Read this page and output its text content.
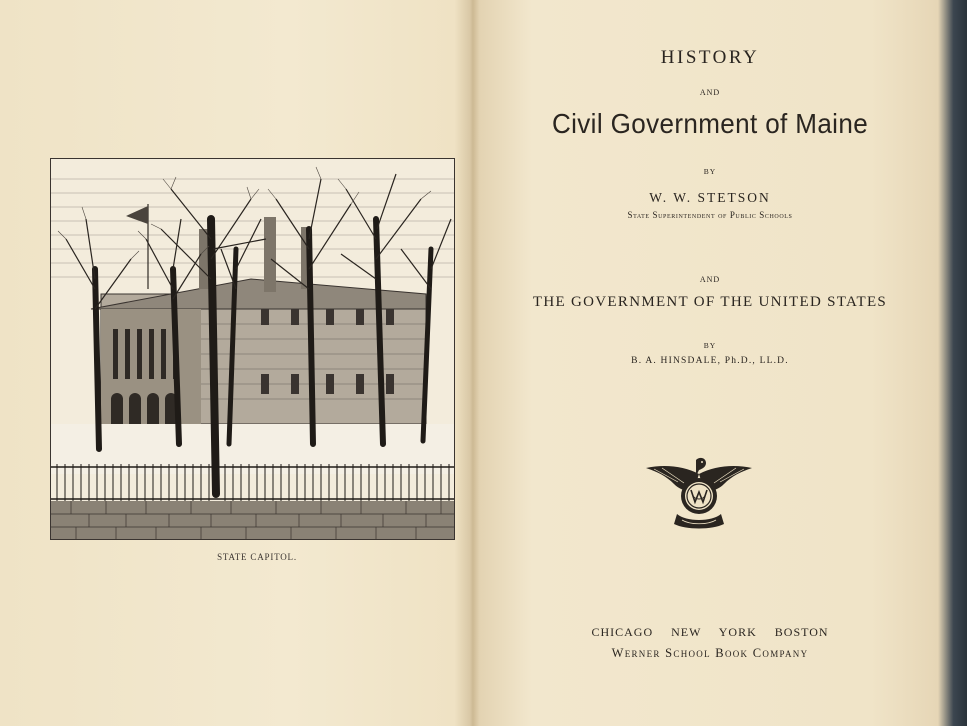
STATE CAPITOL.
HISTORY
AND
Civil Government of Maine
BY
W. W. STETSON
State Superintendent of Public Schools
AND
THE GOVERNMENT OF THE UNITED STATES
BY
B. A. HINSDALE, Ph.D., LL.D.
CHICAGO NEW YORK BOSTON
Werner School Book Company
